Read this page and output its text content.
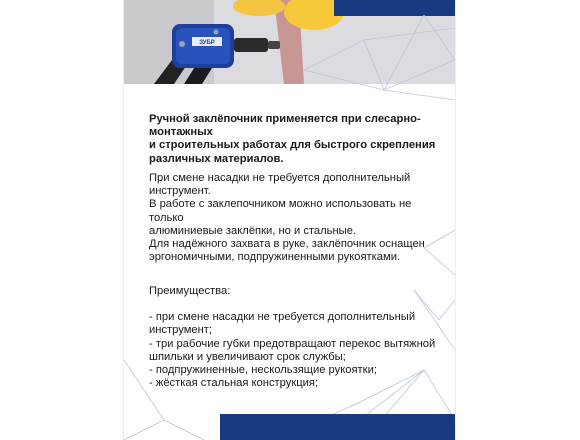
ЗУБР

Ручной заклёпочник применяется при слесарно-монтажных

и строительных работах для быстрого скрепления

различных материалов.

При смене насадки не требуется дополнительный инструмент.

В работе с заклепочником можно использовать не только

алюминиевые заклёпки, но и стальные.

Для надёжного захвата в руке, заклёпочник оснащен

эргономичными, подпружиненными рукоятками.

Преимущества:

- при смене насадки не требуется дополнительный

инструмент;

- три рабочие губки предотвращают перекос вытяжной

шпильки и увеличивают срок службы;

- подпружиненные, нескользящие рукоятки;

- жёсткая стальная конструкция;
